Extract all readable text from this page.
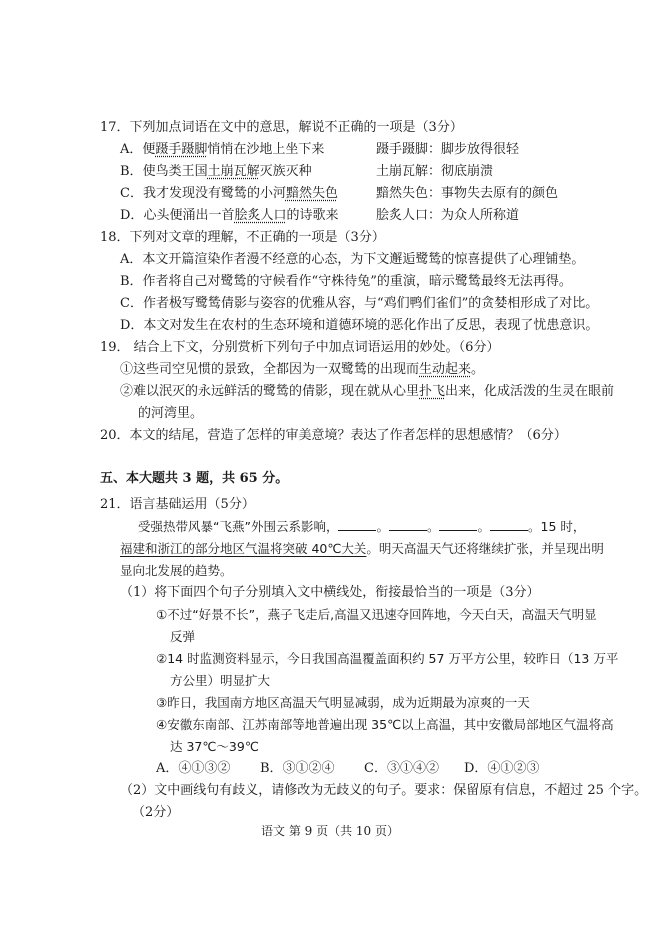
17．下列加点词语在文中的意思，解说不正确的一项是（3分）
A．便蹑手蹑脚悄悄在沙地上坐下来	蹑手蹑脚：脚步放得很轻
B．使鸟类王国土崩瓦解灭族灭种	土崩瓦解：彻底崩溃
C．我才发现没有鹭鸶的小河黯然失色	黯然失色：事物失去原有的颜色
D．心头便涌出一首脍炙人口的诗歌来	脍炙人口：为众人所称道
18．下列对文章的理解，不正确的一项是（3分）
A．本文开篇渲染作者漫不经意的心态，为下文邂逅鹭鸶的惊喜提供了心理铺垫。
B．作者将自己对鹭鸶的守候看作“守株待兔”的重演，暗示鹭鸶最终无法再得。
C．作者极写鹭鸶倩影与姿容的优雅从容，与“鸡们鸭们雀们”的贪婪相形成了对比。
D．本文对发生在农村的生态环境和道德环境的恶化作出了反思，表现了忧患意识。
19． 结合上下文，分别赏析下列句子中加点词语运用的妙处。（6分）
①这些司空见惯的景致，全都因为一双鹭鸶的出现而生动起来。
②难以泯灭的永远鲜活的鹭鸶的倩影，现在就从心里扑飞出来，化成活泼的生灵在眼前
的河湾里。
20．本文的结尾，营造了怎样的审美意境？表达了作者怎样的思想感情？（6分）
五、本大题共 3 题，共 65 分。
21．语言基础运用（5分）
受强热带风暴“飞燕”外围云系影响，	。	。	。	。15 时，
福建和浙江的部分地区气温将突破 40℃大关。明天高温天气还将继续扩张，并呈现出明
显向北发展的趋势。
（1）将下面四个句子分别填入文中横线处，衔接最恰当的一项是（3分）
①不过“好景不长”，燕子飞走后,高温又迅速夺回阵地，今天白天，高温天气明显
反弹
②14 时监测资料显示，今日我国高温覆盖面积约 57 万平方公里，较昨日（13 万平
方公里）明显扩大
③昨日，我国南方地区高温天气明显减弱，成为近期最为凉爽的一天
④安徽东南部、江苏南部等地普遍出现 35℃以上高温，其中安徽局部地区气温将高
达 37℃～39℃
A．④①③② B．③①②④ C．③①④② D．④①②③
（2）文中画线句有歧义，请修改为无歧义的句子。要求：保留原有信息，不超过 25 个字。
（2分）
语文 第 9 页（共 10 页）
